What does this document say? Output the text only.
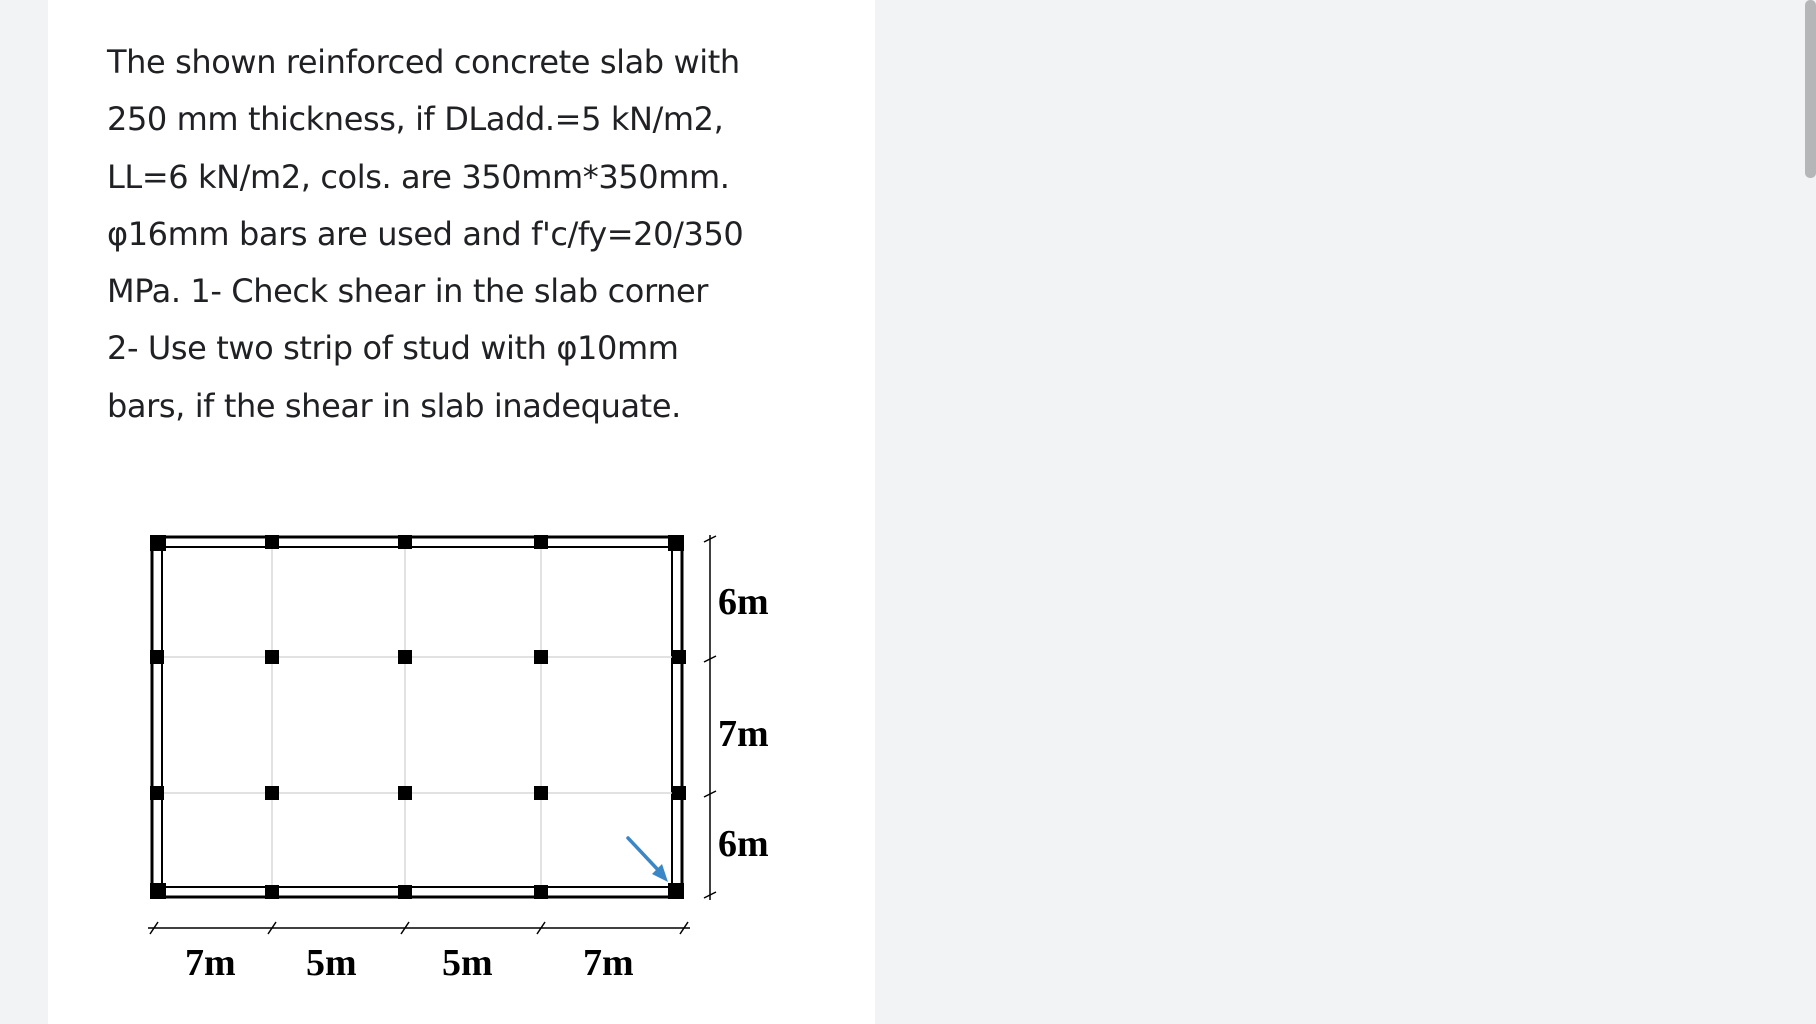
The shown reinforced concrete slab with
250 mm thickness, if DLadd.=5 kN/m2,
LL=6 kN/m2, cols. are 350mm*350mm.
φ16mm bars are used and f'c/fy=20/350
MPa. 1- Check shear in the slab corner
2- Use two strip of stud with φ10mm
bars, if the shear in slab inadequate.
6m
7m
6m
7m 5m 5m 7m
